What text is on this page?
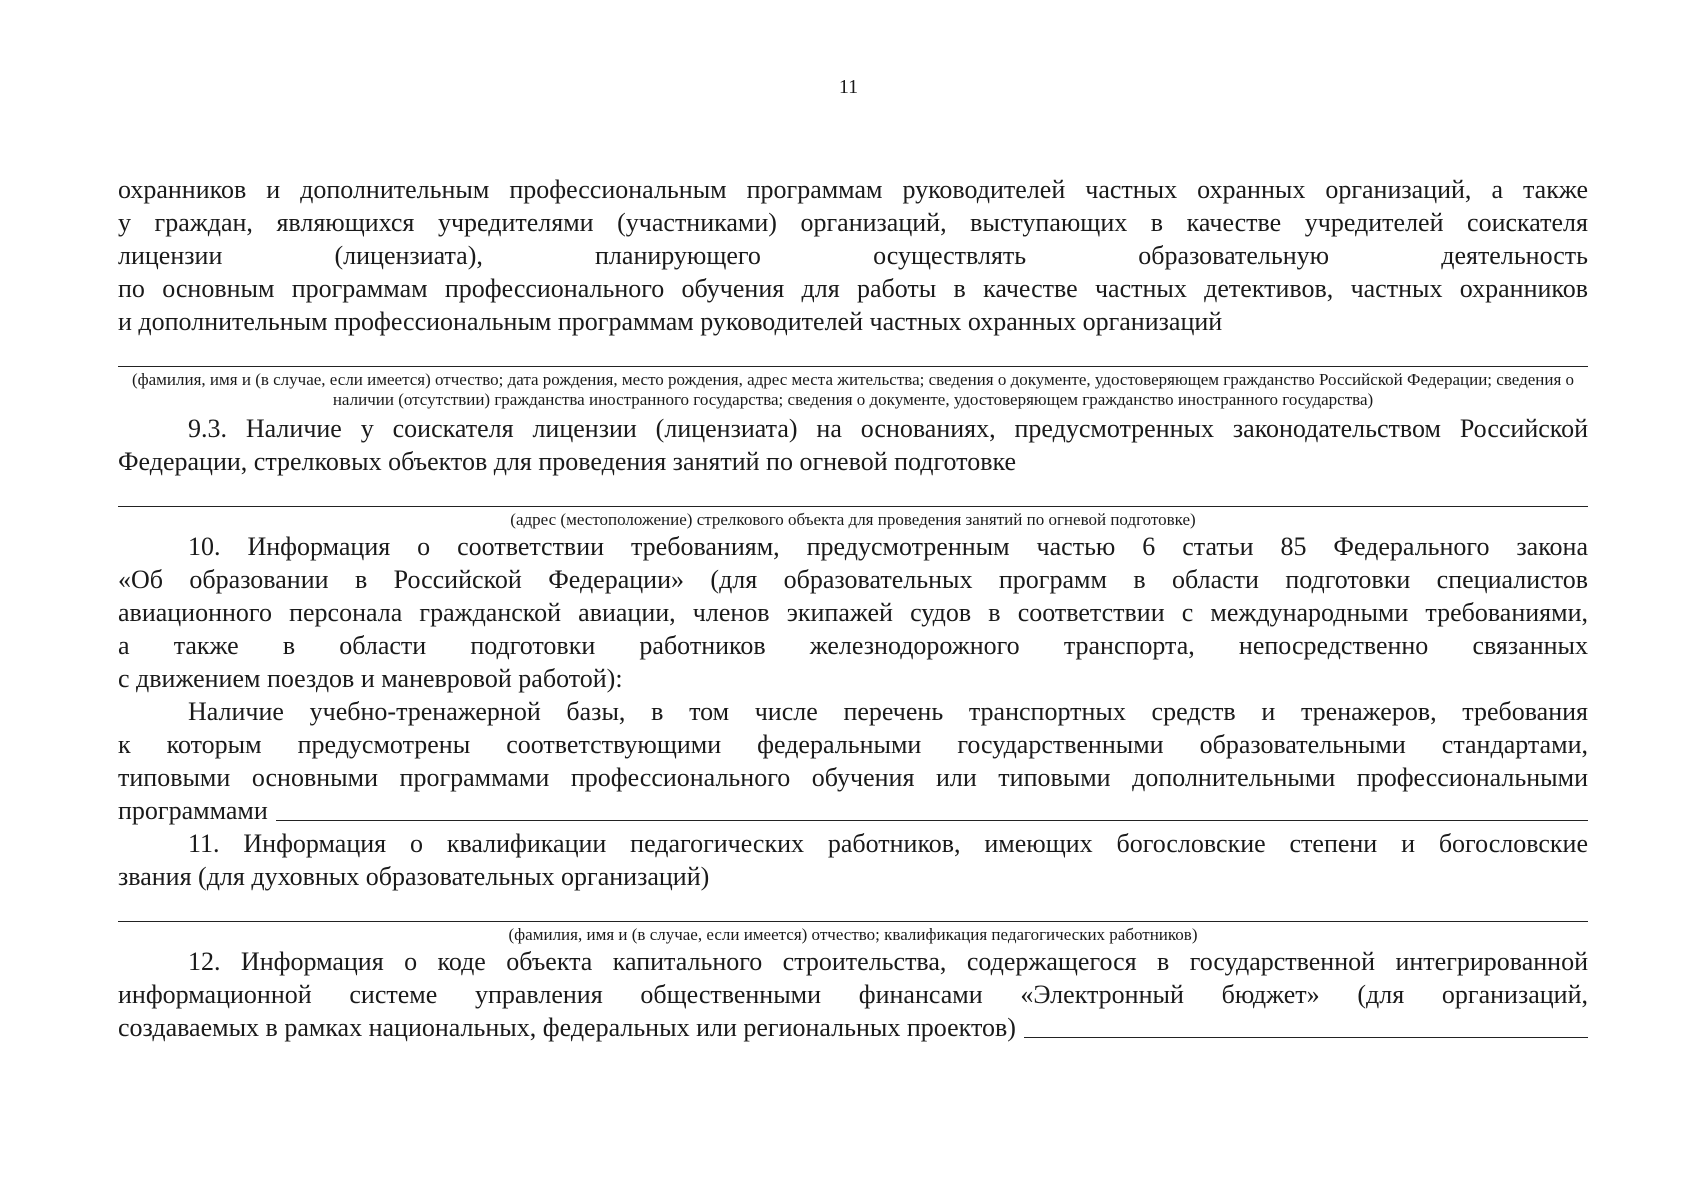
11

охранников и дополнительным профессиональным программам руководителей частных охранных организаций, а также
у граждан, являющихся учредителями (участниками) организаций, выступающих в качестве учредителей соискателя
лицензии (лицензиата), планирующего осуществлять образовательную деятельность
по основным программам профессионального обучения для работы в качестве частных детективов, частных охранников
и дополнительным профессиональным программам руководителей частных охранных организаций

(фамилия, имя и (в случае, если имеется) отчество; дата рождения, место рождения, адрес места жительства; сведения о документе, удостоверяющем гражданство Российской Федерации; сведения о наличии (отсутствии) гражданства иностранного государства; сведения о документе, удостоверяющем гражданство иностранного государства)

9.3. Наличие у соискателя лицензии (лицензиата) на основаниях, предусмотренных законодательством Российской
Федерации, стрелковых объектов для проведения занятий по огневой подготовке

(адрес (местоположение) стрелкового объекта для проведения занятий по огневой подготовке)

10. Информация о соответствии требованиям, предусмотренным частью 6 статьи 85 Федерального закона
«Об образовании в Российской Федерации» (для образовательных программ в области подготовки специалистов
авиационного персонала гражданской авиации, членов экипажей судов в соответствии с международными требованиями,
а также в области подготовки работников железнодорожного транспорта, непосредственно связанных
с движением поездов и маневровой работой):

Наличие учебно-тренажерной базы, в том числе перечень транспортных средств и тренажеров, требования
к которым предусмотрены соответствующими федеральными государственными образовательными стандартами,
типовыми основными программами профессионального обучения или типовыми дополнительными профессиональными

программами

11. Информация о квалификации педагогических работников, имеющих богословские степени и богословские
звания (для духовных образовательных организаций)

(фамилия, имя и (в случае, если имеется) отчество; квалификация педагогических работников)

12. Информация о коде объекта капитального строительства, содержащегося в государственной интегрированной
информационной системе управления общественными финансами «Электронный бюджет» (для организаций,

создаваемых в рамках национальных, федеральных или региональных проектов)
